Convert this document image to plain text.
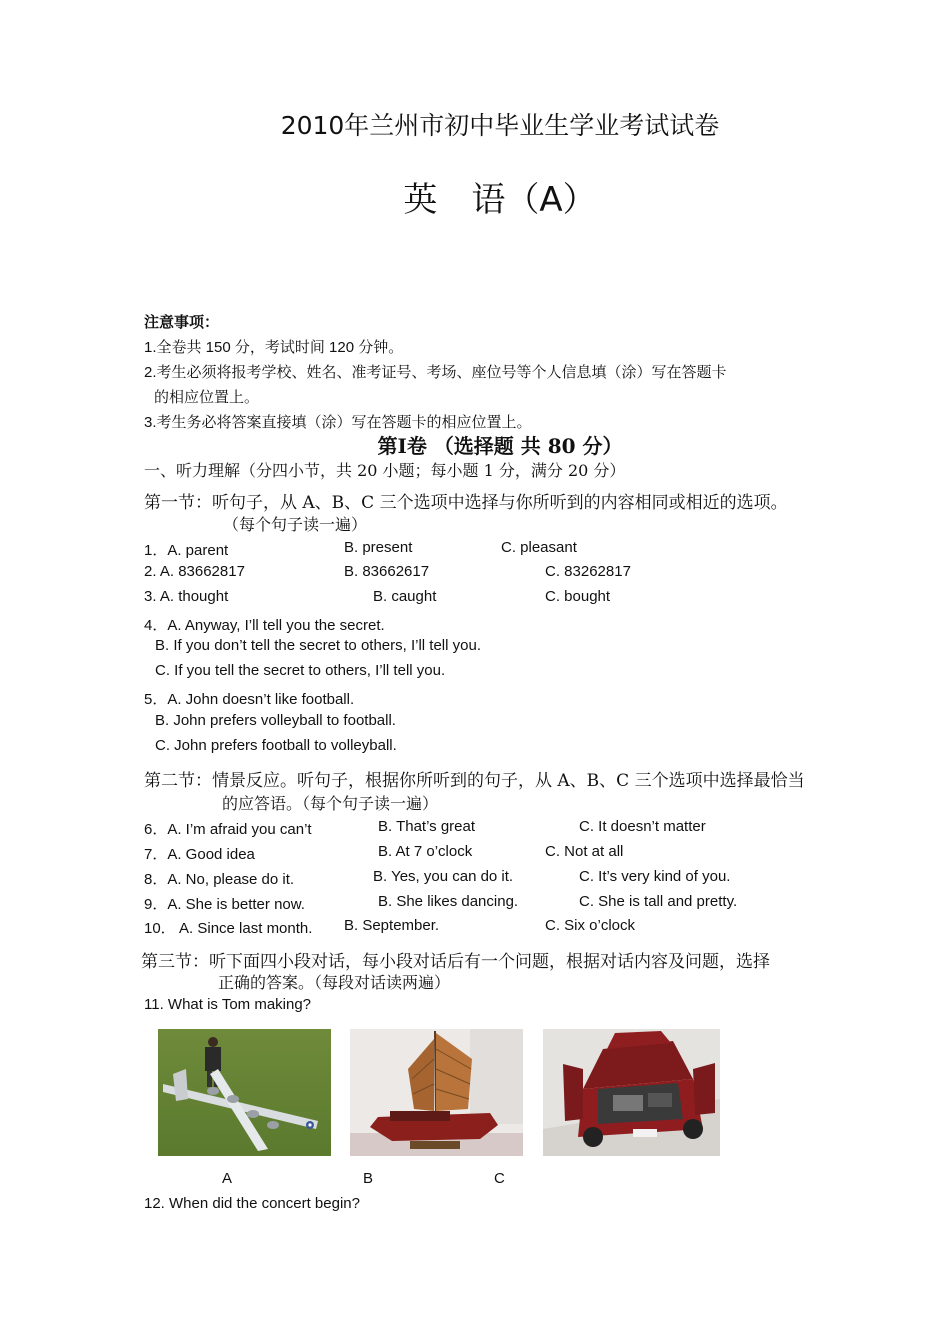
2010年兰州市初中毕业生学业考试试卷
英　语（A）
注意事项：
1.全卷共 150 分，考试时间 120 分钟。
2.考生必须将报考学校、姓名、准考证号、考场、座位号等个人信息填（涂）写在答题卡
的相应位置上。
3.考生务必将答案直接填（涂）写在答题卡的相应位置上。
第Ⅰ卷 （选择题 共 80 分）
一、听力理解（分四小节，共 20 小题；每小题 1 分，满分 20 分）
第一节：听句子，从 A、B、C 三个选项中选择与你所听到的内容相同或相近的选项。
（每个句子读一遍）
1．A. parent	B. present	C. pleasant
2. A. 83662817	B. 83662617	C. 83262817
3. A. thought	B. caught	C. bought
4．A. Anyway, I’ll tell you the secret.
B. If you don’t tell the secret to others, I’ll tell you.
C. If you tell the secret to others, I’ll tell you.
5．A. John doesn’t like football.
B. John prefers volleyball to football.
C. John prefers football to volleyball.
第二节：情景反应。听句子，根据你所听到的句子，从 A、B、C 三个选项中选择最恰当
的应答语。（每个句子读一遍）
6．A. I’m afraid you can’t	B. That’s great	C. It doesn’t matter
7．A. Good idea	B. At 7 o’clock	C. Not at all
8．A. No, please do it.	B. Yes, you can do it.	C. It’s very kind of you.
9．A. She is better now.	B. She likes dancing.	C. She is tall and pretty.
10． A. Since last month. B. September.	C. Six o’clock
第三节：听下面四小段对话，每小段对话后有一个问题，根据对话内容及问题，选择
正确的答案。（每段对话读两遍）
11. What is Tom making?
A	B	C
12. When did the concert begin?
